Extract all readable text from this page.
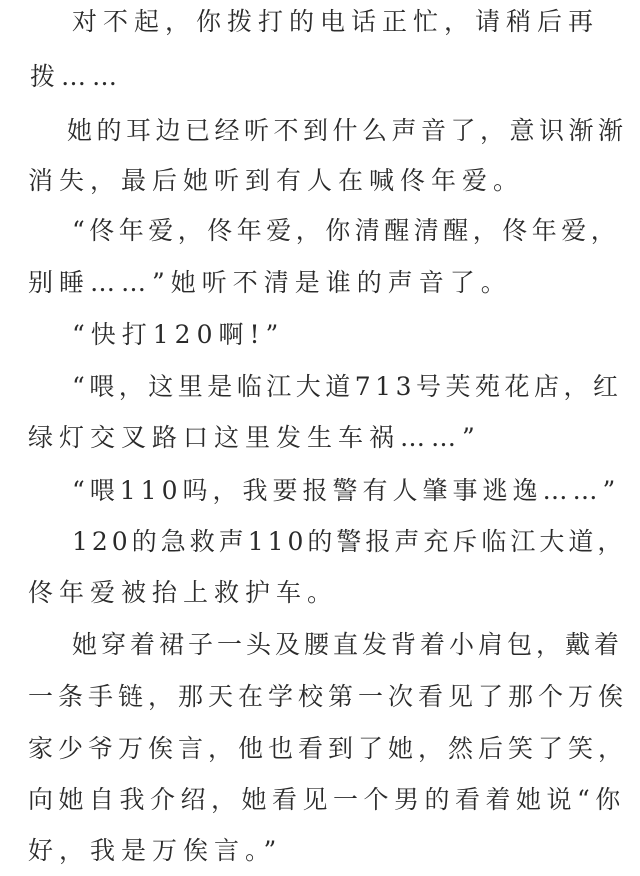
对不起，你拨打的电话正忙，请稍后再
拨……
她的耳边已经听不到什么声音了，意识渐渐
消失，最后她听到有人在喊佟年爱。
“佟年爱，佟年爱，你清醒清醒，佟年爱，
别睡……”她听不清是谁的声音了。
“快打120啊!”
“喂，这里是临江大道713号芙苑花店，红
绿灯交叉路口这里发生车祸……”
“喂110吗，我要报警有人肇事逃逸……”
120的急救声110的警报声充斥临江大道，
佟年爱被抬上救护车。
她穿着裙子一头及腰直发背着小肩包，戴着
一条手链，那天在学校第一次看见了那个万俟
家少爷万俟言，他也看到了她，然后笑了笑，
向她自我介绍，她看见一个男的看着她说“你
好，我是万俟言。”
